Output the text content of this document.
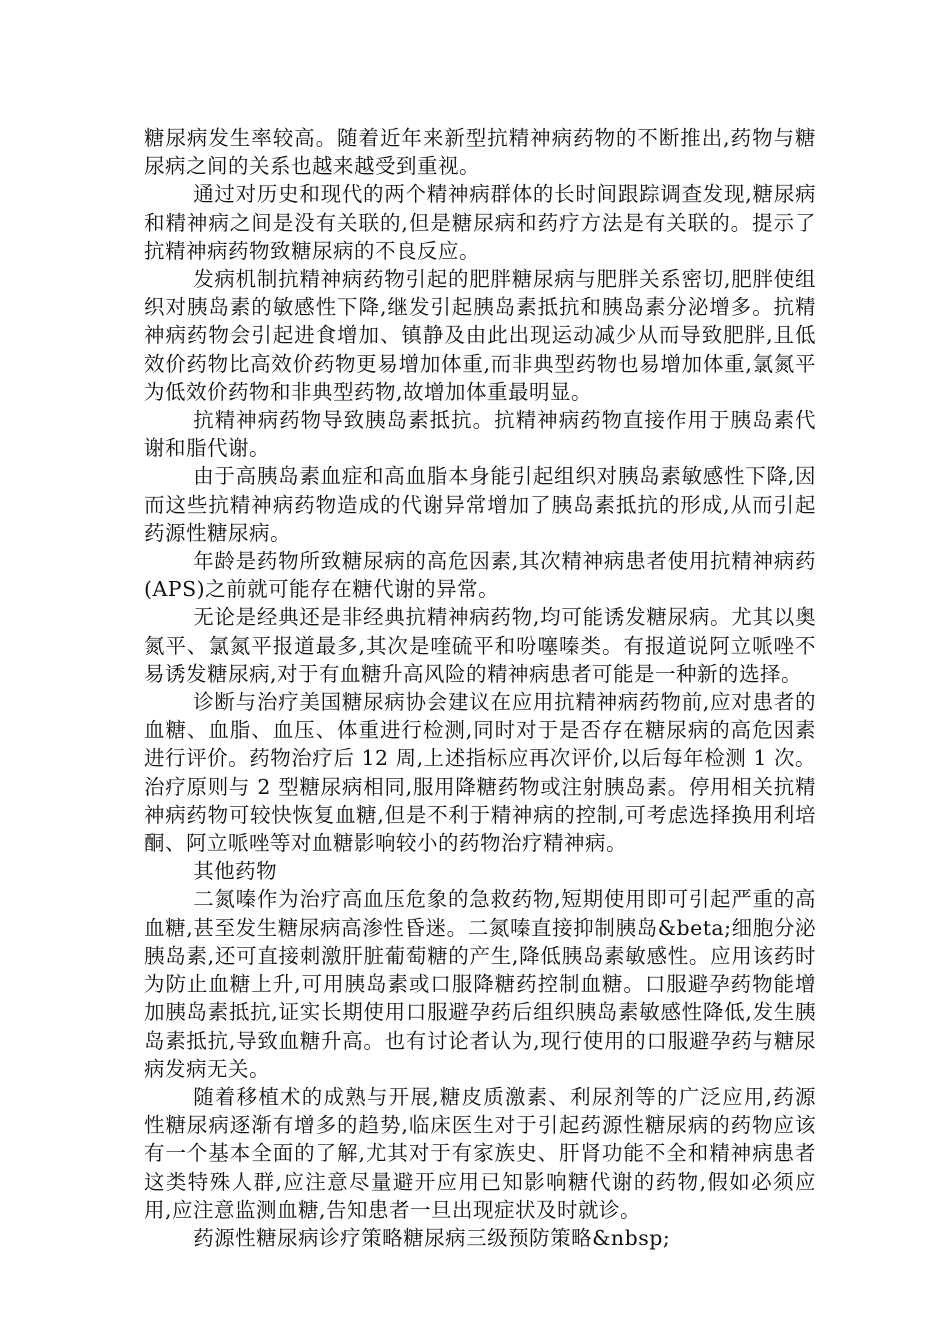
糖尿病发生率较高。随着近年来新型抗精神病药物的不断推出,药物与糖尿病之间的关系也越来越受到重视。

通过对历史和现代的两个精神病群体的长时间跟踪调查发现,糖尿病和精神病之间是没有关联的,但是糖尿病和药疗方法是有关联的。提示了抗精神病药物致糖尿病的不良反应。

发病机制抗精神病药物引起的肥胖糖尿病与肥胖关系密切,肥胖使组织对胰岛素的敏感性下降,继发引起胰岛素抵抗和胰岛素分泌增多。抗精神病药物会引起进食增加、镇静及由此出现运动减少从而导致肥胖,且低效价药物比高效价药物更易增加体重,而非典型药物也易增加体重,氯氮平为低效价药物和非典型药物,故增加体重最明显。

抗精神病药物导致胰岛素抵抗。抗精神病药物直接作用于胰岛素代谢和脂代谢。

由于高胰岛素血症和高血脂本身能引起组织对胰岛素敏感性下降,因而这些抗精神病药物造成的代谢异常增加了胰岛素抵抗的形成,从而引起药源性糖尿病。

年龄是药物所致糖尿病的高危因素,其次精神病患者使用抗精神病药(APS)之前就可能存在糖代谢的异常。

无论是经典还是非经典抗精神病药物,均可能诱发糖尿病。尤其以奥氮平、氯氮平报道最多,其次是喹硫平和吩噻嗪类。有报道说阿立哌唑不易诱发糖尿病,对于有血糖升高风险的精神病患者可能是一种新的选择。

诊断与治疗美国糖尿病协会建议在应用抗精神病药物前,应对患者的血糖、血脂、血压、体重进行检测,同时对于是否存在糖尿病的高危因素进行评价。药物治疗后 12 周,上述指标应再次评价,以后每年检测 1 次。治疗原则与 2 型糖尿病相同,服用降糖药物或注射胰岛素。停用相关抗精神病药物可较快恢复血糖,但是不利于精神病的控制,可考虑选择换用利培酮、阿立哌唑等对血糖影响较小的药物治疗精神病。

其他药物

二氮嗪作为治疗高血压危象的急救药物,短期使用即可引起严重的高血糖,甚至发生糖尿病高渗性昏迷。二氮嗪直接抑制胰岛&beta;细胞分泌胰岛素,还可直接刺激肝脏葡萄糖的产生,降低胰岛素敏感性。应用该药时为防止血糖上升,可用胰岛素或口服降糖药控制血糖。口服避孕药物能增加胰岛素抵抗,证实长期使用口服避孕药后组织胰岛素敏感性降低,发生胰岛素抵抗,导致血糖升高。也有讨论者认为,现行使用的口服避孕药与糖尿病发病无关。

随着移植术的成熟与开展,糖皮质激素、利尿剂等的广泛应用,药源性糖尿病逐渐有增多的趋势,临床医生对于引起药源性糖尿病的药物应该有一个基本全面的了解,尤其对于有家族史、肝肾功能不全和精神病患者这类特殊人群,应注意尽量避开应用已知影响糖代谢的药物,假如必须应用,应注意监测血糖,告知患者一旦出现症状及时就诊。

药源性糖尿病诊疗策略糖尿病三级预防策略&nbsp;
